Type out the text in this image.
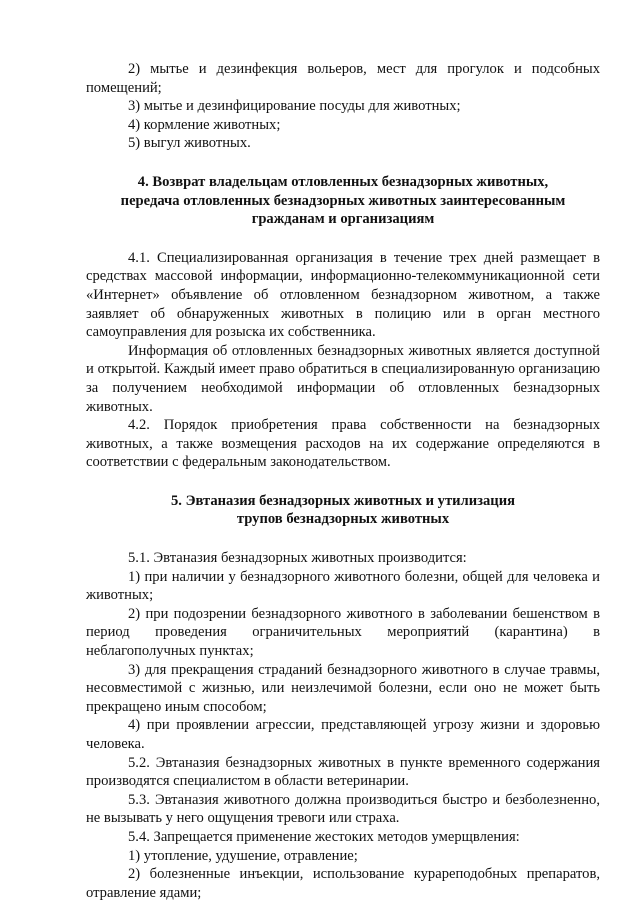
2) мытье и дезинфекция вольеров, мест для прогулок и подсобных помещений;

3) мытье и дезинфицирование посуды для животных;

4) кормление животных;

5) выгул животных.

4. Возврат владельцам отловленных безнадзорных животных,
передача отловленных безнадзорных животных заинтересованным
гражданам и организациям

4.1. Специализированная организация в течение трех дней размещает в средствах массовой информации, информационно-телекоммуникационной сети «Интернет» объявление об отловленном безнадзорном животном, а также заявляет об обнаруженных животных в полицию или в орган местного самоуправления для розыска их собственника.

Информация об отловленных безнадзорных животных является доступной и открытой. Каждый имеет право обратиться в специализированную организацию за получением необходимой информации об отловленных безнадзорных животных.

4.2. Порядок приобретения права собственности на безнадзорных животных, а также возмещения расходов на их содержание определяются в соответствии с федеральным законодательством.

5. Эвтаназия безнадзорных животных и утилизация
трупов безнадзорных животных

5.1. Эвтаназия безнадзорных животных производится:

1) при наличии у безнадзорного животного болезни, общей для человека и животных;

2) при подозрении безнадзорного животного в заболевании бешенством в период проведения ограничительных мероприятий (карантина) в неблагополучных пунктах;

3) для прекращения страданий безнадзорного животного в случае травмы, несовместимой с жизнью, или неизлечимой болезни, если оно не может быть прекращено иным способом;

4) при проявлении агрессии, представляющей угрозу жизни и здоровью человека.

5.2. Эвтаназия безнадзорных животных в пункте временного содержания производятся специалистом в области ветеринарии.

5.3. Эвтаназия животного должна производиться быстро и безболезненно, не вызывать у него ощущения тревоги или страха.

5.4. Запрещается применение жестоких методов умерщвления:

1) утопление, удушение, отравление;

2) болезненные инъекции, использование курареподобных препаратов, отравление ядами;
